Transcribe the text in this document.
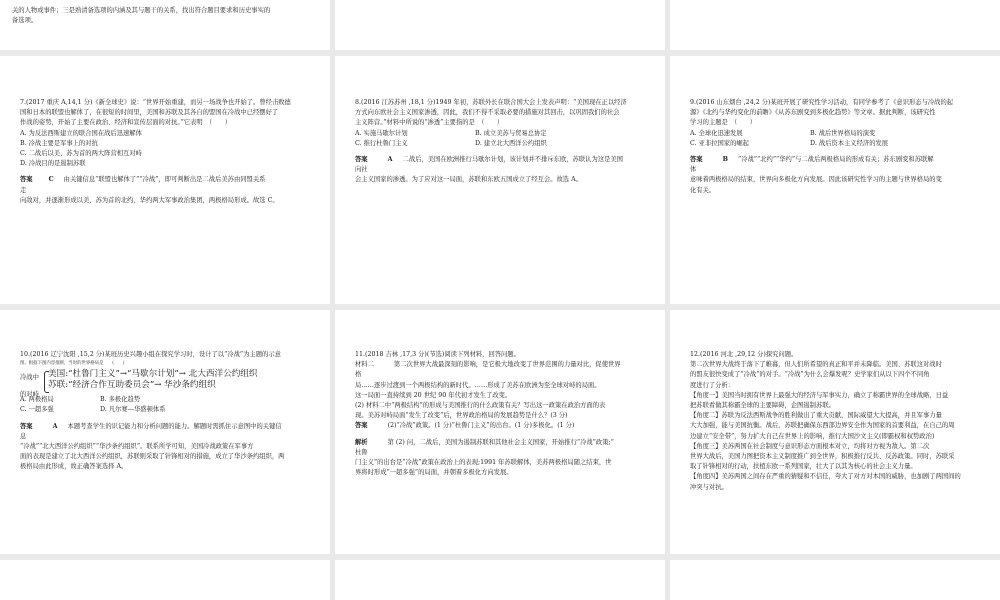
关的人物或事件；三是熟清备选项的内涵及其与题干的关系，找出符合题目要求和历史事实的
备选项。
7.(2017 重庆 A,14,1 分)《新全球史》说：“世界开始重建，而另一场战争也开始了。曾经击败德
国和日本的联盟也解体了，在很短的时间里，美国和苏联及其各自的盟国在冷战中已经摆好了
作战的姿势，开始了主要在政治、经济和宣传层面的对抗。”它表明　（　　）
A. 为反法西斯建立的联合国在战后迅速解体
B. 冷战主要是军事上的对抗
C. 二战后以美、苏为首的两大阵营相互对峙
D. 冷战目的是遏制苏联
答案	C 由关键信息“联盟也解体了”“冷战”，即可判断出是二战后美苏由同盟关系
走
向敌对，并逐渐形成以美、苏为首的北约、华约两大军事政治集团，两极格局形成。故选 C。
8.(2016 江苏苏州 ,18,1 分)1949 年初，苏联外长在联合国大会上发表声明：“美国现在正以经济
方式向东欧社会主义国家渗透，因此，我们不得不采取必要的措施对其回击，以巩固我们的社会
主义阵营。”材料中所说的“渗透”主要指的是　（　　）
A. 实施马歇尔计划	B. 成立美苏与贸易总协定
C. 推行杜鲁门主义	D. 建立北大西洋公约组织
答案	A 二战后，美国在欧洲推行马歇尔计划，该计划并不排斥东欧，苏联认为这是美国
向社
会主义国家的渗透。为了应对这一局面，苏联和东欧五国成立了经互会。故选 A。
9.(2016 山东烟台 ,24,2 分)某班开展了研究性学习活动，有同学参考了《意识形态与冷战的起
源》《北约与华约变化的前瞻》《从苏东剧变到多极化趋势》等文章。据此判断，该研究性
学习的主题是　（　　）
A. 全球化迅速发展	B. 战后世界格局的演变
C. 亚非拉国家的崛起	D. 战后资本主义经济的发展
答案	B “冷战”“北约”“华约”与二战后两极格局的形成有关；苏东剧变和苏联解
体
意味着两极格局的结束，世界向多极化方向发展。因此该研究性学习的主题与世界格局的变
化有关。
10.(2016 辽宁沈阳 ,15,2 分)某班历史兴趣小组在探究学习时，设计了以“冷战”为主题的示意
图。根据下图内容推断，当时的世界格局是　　(　　)
冷战中
的对峙
美国:“杜鲁门主义”→“马歇尔计划”→ 北大西洋公约组织
苏联:“经济合作互助委员会”→ 华沙条约组织
A. 两极格局	B. 多极化趋势
C. 一超多强	D. 凡尔赛—华盛顿体系
答案	A 本题考查学生的识记能力和分析问题的能力。解题时需抓住示意图中的关键信
息
“冷战”“北大西洋公约组织”“华沙条约组织”。联系所学可知，美国冷战政策在军事方
面的表现是建立了北大西洋公约组织，苏联则采取了针锋相对的措施，成立了华沙条约组织，两
极格局由此形成，故正确答案选择 A。
11.(2018 吉林 ,17,3 分)(节选)阅读下列材料，回答问题。
材料二	第二次世界大战最深刻的影响，是它极大地改变了世界范围的力量对比，促使世界
格
局……逐步过渡到一个两极结构的新时代。……形成了美苏在欧洲为至全球对峙的局面。
这一局面一直持续到 20 世纪 90 年代初才发生了改变。
(2) 材料二中“两极结构”的形成与美国推行的什么政策有关？写出这一政策在政治方面的表
现。美苏对峙局面“发生了改变”后，世界政治格局的发展趋势是什么？(3 分)
答案	(2)“冷战”政策。(1 分)“杜鲁门主义”的出台。(1 分)多极化。(1 分)
解析	第 (2) 问，二战后，美国为遏制苏联和其他社会主义国家，开始推行“冷战”政策;“
杜鲁
门主义”的出台是“冷战”政策在政治上的表现;1991 年苏联解体，美苏两极格局随之结束，世
界将时形成“一超多强”的局面，并朝着多极化方向发展。
12.(2016 河北 ,29,12 分)探究问题。
第二次世界大战终于落下了帷幕，但人们所希望的真正和平并未降临。美国、苏联这对战时
的盟友很快变成了“冷战”的对手。“冷战”为什么会爆发呢？史学家们从以下四个不同角
度进行了分析：
【角度一】美国当时拥有世界上最强大的经济与军事实力，确立了称霸世界的全球战略，日益
把苏联看做其称霸全球的主要障碍，企图遏制苏联。
【角度二】苏联为反法西斯战争的胜利做出了重大贡献，国际威望大大提高，并且军事力量
大大加强，能与美国抗衡。战后，苏联把确保东西部边界安全作为国家的首要利益，在自己的周
边建立“安全带”，努力扩大自己在世界上的影响，推行大国沙文主义(即霸权和权势政治)
【角度三】美苏两国在社会制度与意识形态方面根本对立，均将对方视为敌人。第二次
世界大战后，美国力图把资本主义制度推广到全世界，积极推行反共、反苏政策。同时，苏联采
取了针锋相对的行动，扶植东欧一系列国家，壮大了以其为核心的社会主义力量。
【角度四】美苏两国之间存在严重的猜疑和不信任，夸大了对方对本国的威胁，也加剧了两国间的
冲突与对抗。
